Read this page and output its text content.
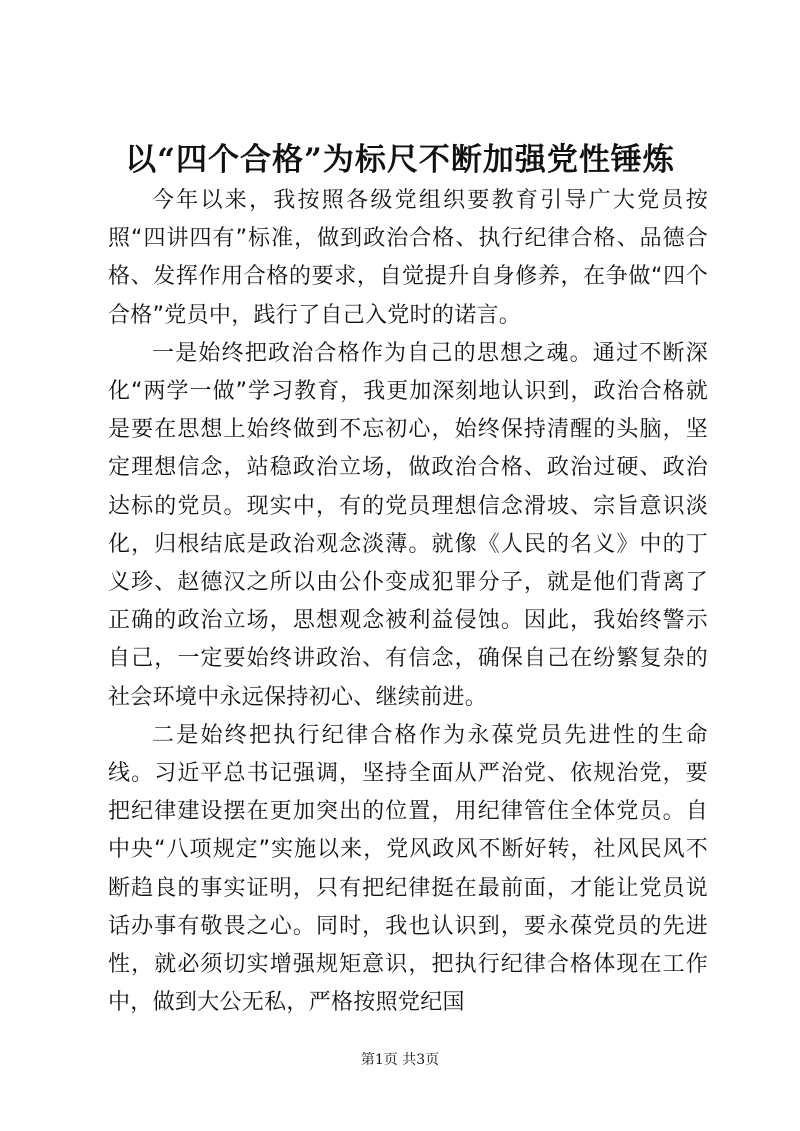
以“四个合格”为标尺不断加强党性锤炼

今年以来，我按照各级党组织要教育引导广大党员按照“四讲四有”标准，做到政治合格、执行纪律合格、品德合格、发挥作用合格的要求，自觉提升自身修养，在争做“四个合格”党员中，践行了自己入党时的诺言。

一是始终把政治合格作为自己的思想之魂。通过不断深化“两学一做”学习教育，我更加深刻地认识到，政治合格就是要在思想上始终做到不忘初心，始终保持清醒的头脑，坚定理想信念，站稳政治立场，做政治合格、政治过硬、政治达标的党员。现实中，有的党员理想信念滑坡、宗旨意识淡化，归根结底是政治观念淡薄。就像《人民的名义》中的丁义珍、赵德汉之所以由公仆变成犯罪分子，就是他们背离了正确的政治立场，思想观念被利益侵蚀。因此，我始终警示自己，一定要始终讲政治、有信念，确保自己在纷繁复杂的社会环境中永远保持初心、继续前进。

二是始终把执行纪律合格作为永葆党员先进性的生命线。习近平总书记强调，坚持全面从严治党、依规治党，要把纪律建设摆在更加突出的位置，用纪律管住全体党员。自中央“八项规定”实施以来，党风政风不断好转，社风民风不断趋良的事实证明，只有把纪律挺在最前面，才能让党员说话办事有敬畏之心。同时，我也认识到，要永葆党员的先进性，就必须切实增强规矩意识，把执行纪律合格体现在工作中，做到大公无私，严格按照党纪国

第1页 共3页
